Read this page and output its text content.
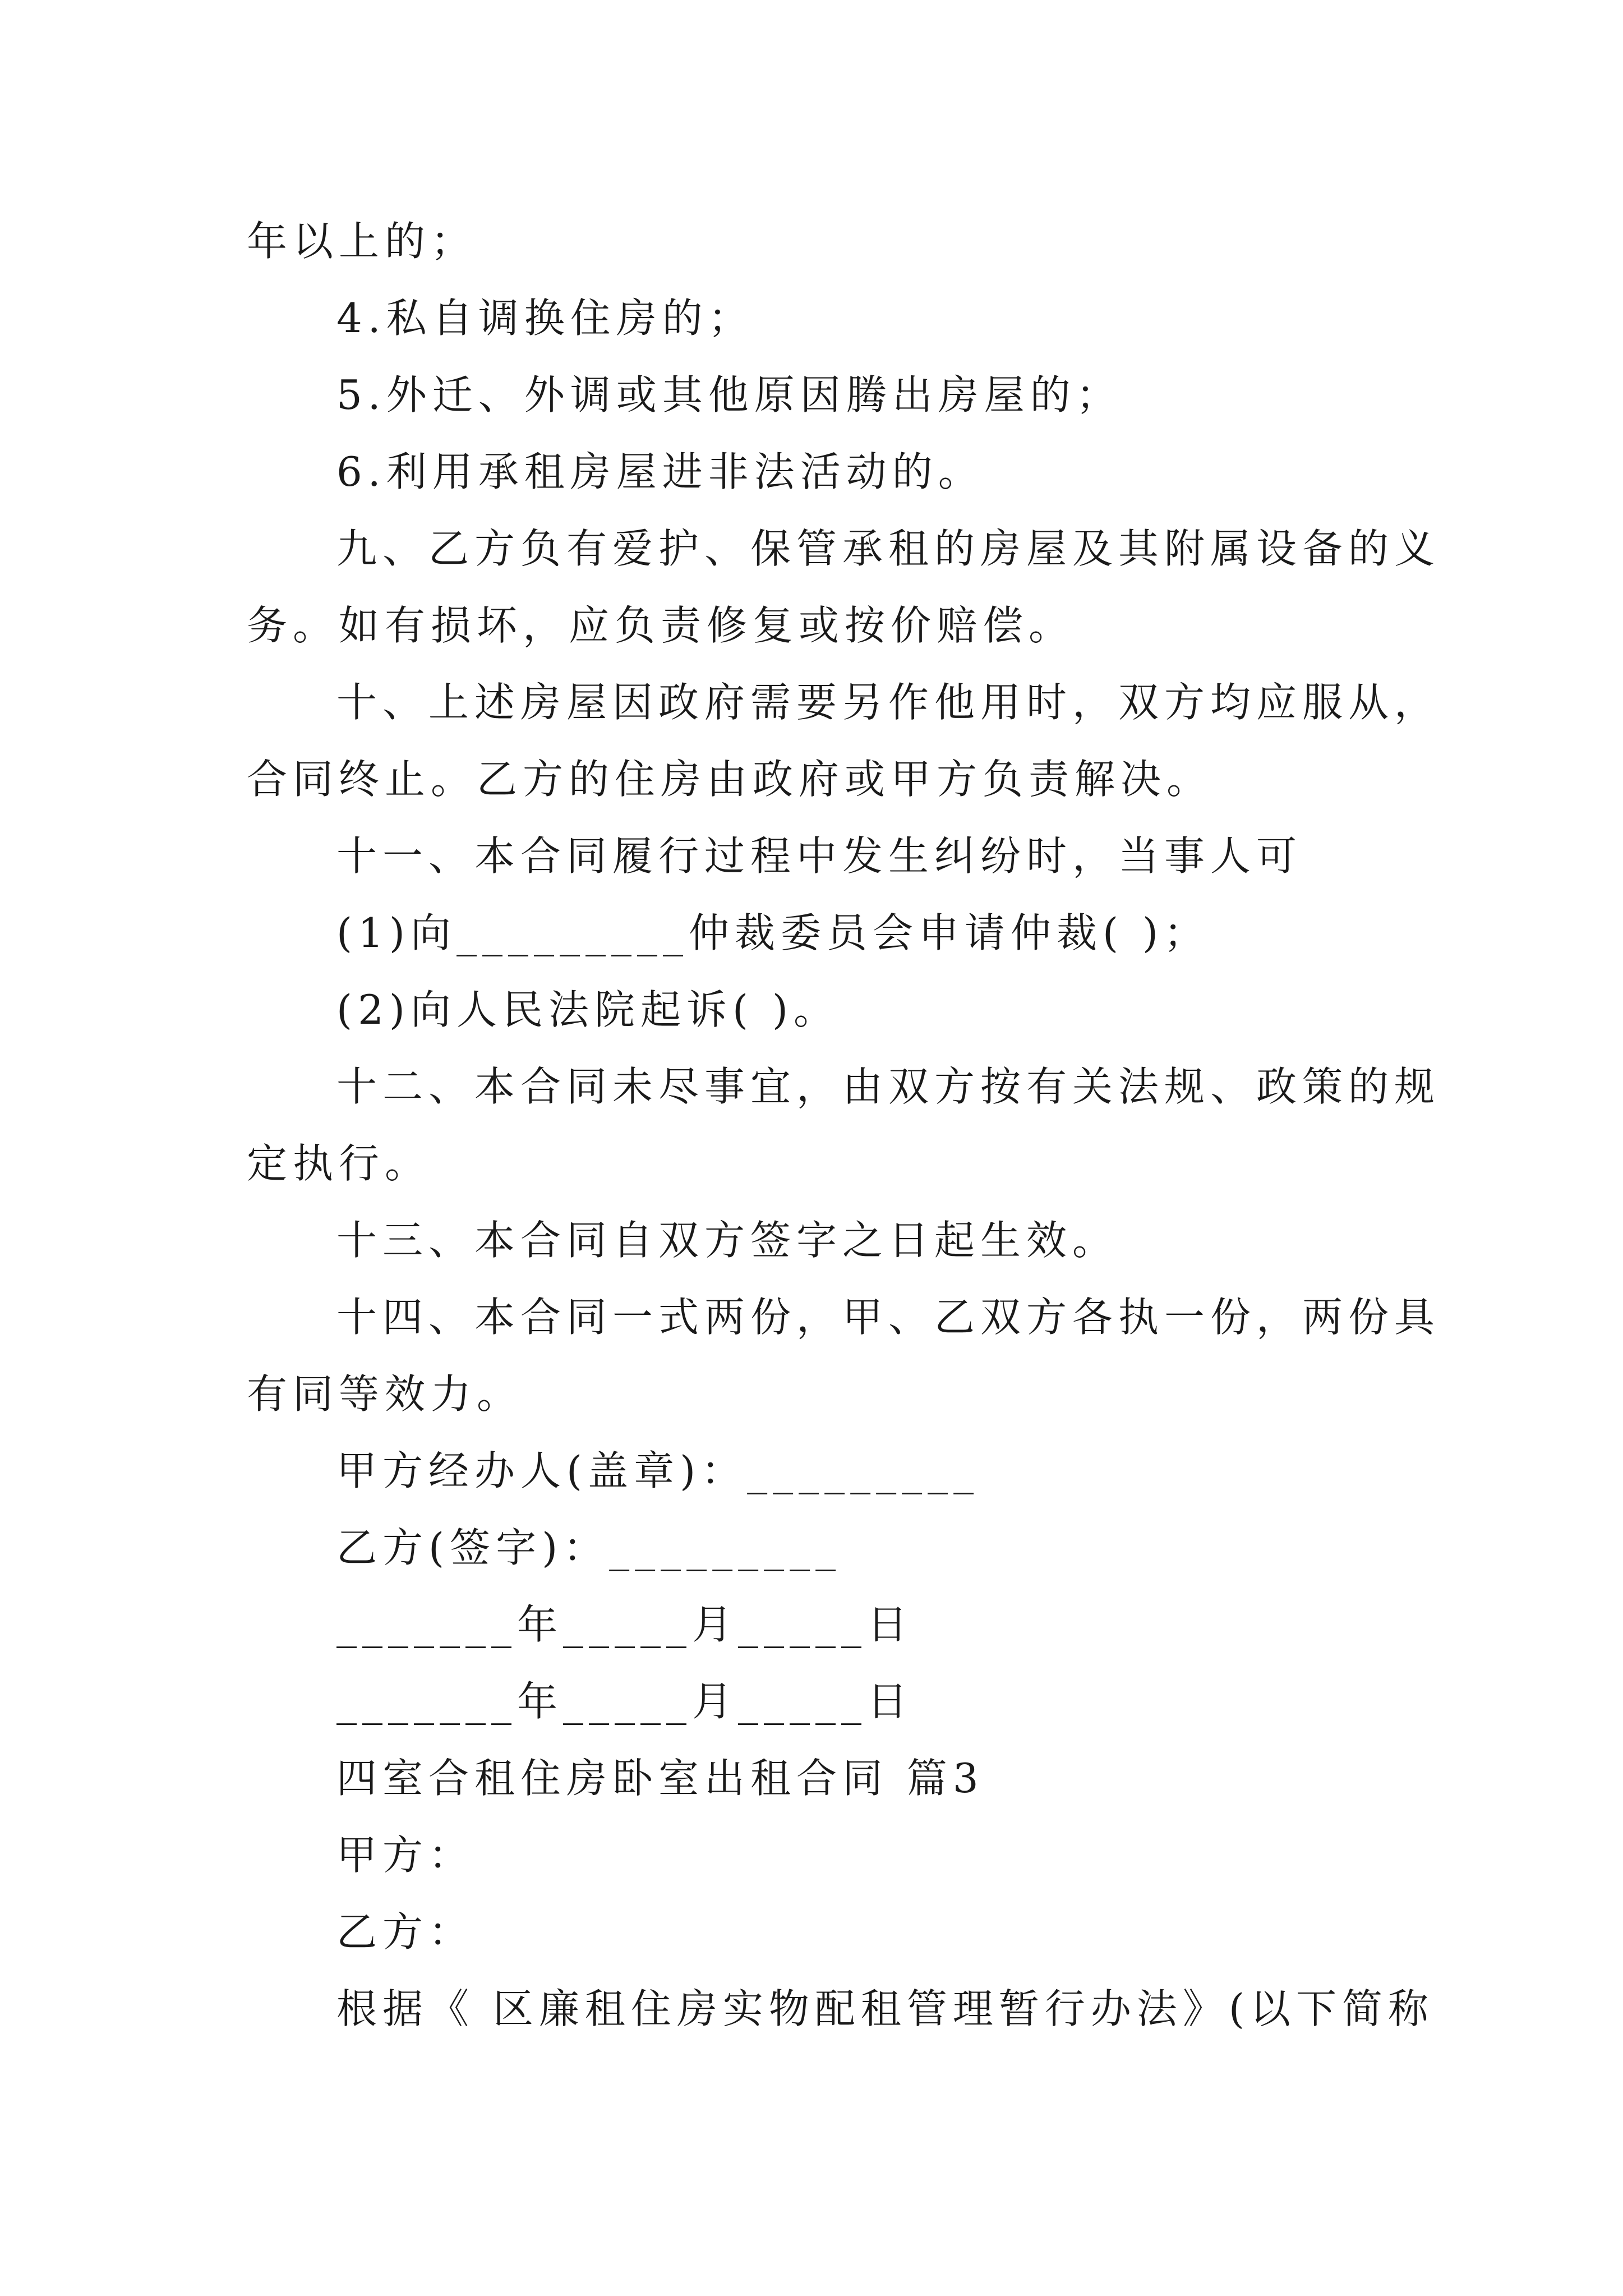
年以上的；
4.私自调换住房的；
5.外迁、外调或其他原因腾出房屋的；
6.利用承租房屋进非法活动的。
九、乙方负有爱护、保管承租的房屋及其附属设备的义
务。如有损坏，应负责修复或按价赔偿。
十、上述房屋因政府需要另作他用时，双方均应服从，
合同终止。乙方的住房由政府或甲方负责解决。
十一、本合同履行过程中发生纠纷时，当事人可
(1)向_________仲裁委员会申请仲裁( )；
(2)向人民法院起诉( )。
十二、本合同未尽事宜，由双方按有关法规、政策的规
定执行。
十三、本合同自双方签字之日起生效。
十四、本合同一式两份，甲、乙双方各执一份，两份具
有同等效力。
甲方经办人(盖章)：_________
乙方(签字)：_________
_______年_____月_____日
_______年_____月_____日
四室合租住房卧室出租合同 篇3
甲方：
乙方：
根据《 区廉租住房实物配租管理暂行办法》(以下简称
